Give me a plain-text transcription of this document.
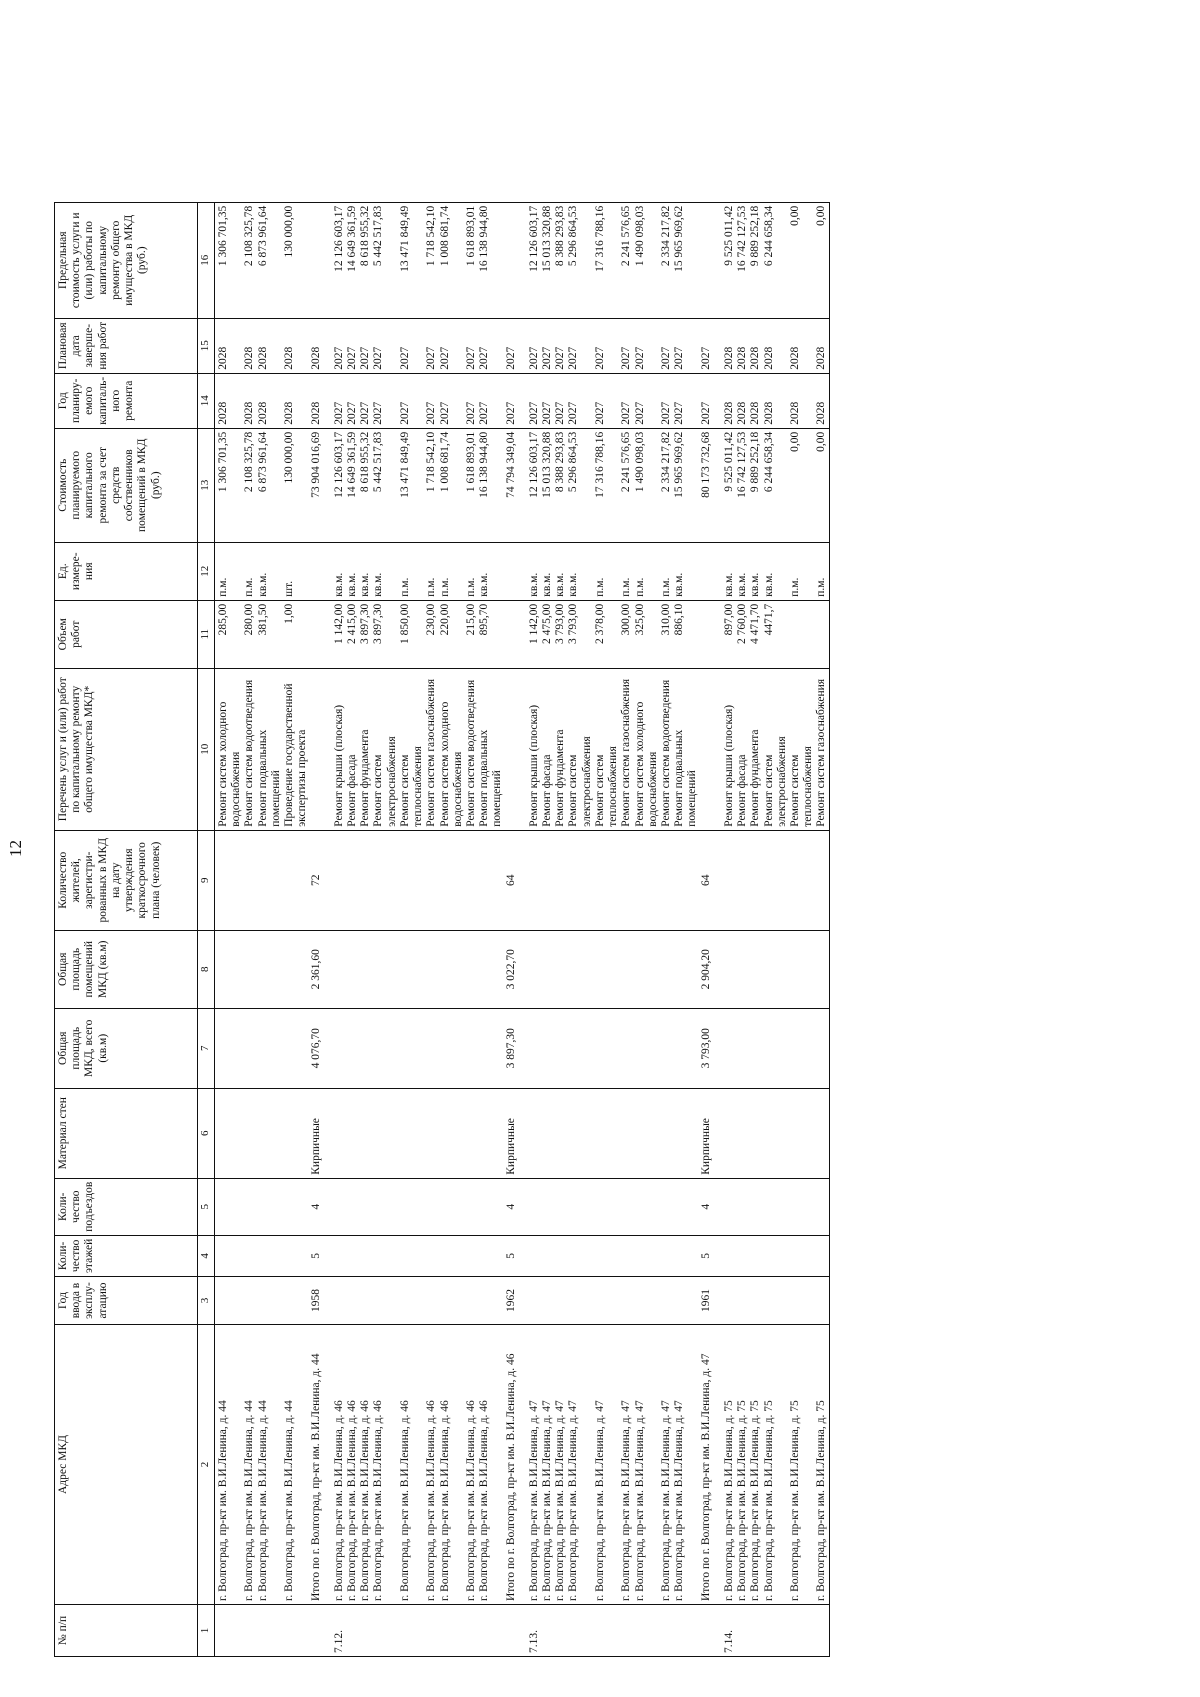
12
№ п/п	Адрес МКД	Год ввода в эксплу-атацию	Коли-чество этажей	Коли-чество подъездов	Материал стен	Общая площадь МКД, всего (кв.м)	Общая площадь помещений МКД (кв.м)	Количество жителей, зарегистри-рованных в МКД на дату утверждения краткосрочного плана (человек)	Перечень услуг и (или) работ по капитальному ремонту общего имущества МКД*	Объем работ	Ед. измере-ния	Стоимость планируемого капитального ремонта за счет средств собственников помещений в МКД (руб.)	Год планиру-емого капиталь-ного ремонта	Плановая дата заверше-ния работ	Предельная стоимость услуги и (или) работы по капитальному ремонту общего имущества в МКД (руб.)
1	2	3	4	5	6	7	8	9	10	11	12	13	14	15	16
	г. Волгоград, пр-кт им. В.И.Ленина, д. 44								Ремонт систем холодного водоснабжения	285,00	п.м.	1 306 701,35	2028	2028	1 306 701,35
	г. Волгоград, пр-кт им. В.И.Ленина, д. 44								Ремонт систем водоотведения	280,00	п.м.	2 108 325,78	2028	2028	2 108 325,78
	г. Волгоград, пр-кт им. В.И.Ленина, д. 44								Ремонт подвальных помещений	381,50	кв.м.	6 873 961,64	2028	2028	6 873 961,64
	г. Волгоград, пр-кт им. В.И.Ленина, д. 44								Проведение государственной экспертизы проекта	1,00	шт.	130 000,00	2028	2028	130 000,00
	Итого по г. Волгоград, пр-кт им. В.И.Ленина, д. 44	1958	5	4	Кирпичные	4 076,70	2 361,60	72				73 904 016,69	2028	2028	

7.12.	г. Волгоград, пр-кт им. В.И.Ленина, д. 46								Ремонт крыши (плоская)	1 142,00	кв.м.	12 126 603,17	2027	2027	12 126 603,17
	г. Волгоград, пр-кт им. В.И.Ленина, д. 46								Ремонт фасада	2 415,00	кв.м.	14 649 361,59	2027	2027	14 649 361,59
	г. Волгоград, пр-кт им. В.И.Ленина, д. 46								Ремонт фундамента	3 897,30	кв.м.	8 618 955,32	2027	2027	8 618 955,32
	г. Волгоград, пр-кт им. В.И.Ленина, д. 46								Ремонт систем электроснабжения	3 897,30	кв.м.	5 442 517,83	2027	2027	5 442 517,83
	г. Волгоград, пр-кт им. В.И.Ленина, д. 46								Ремонт систем теплоснабжения	1 850,00	п.м.	13 471 849,49	2027	2027	13 471 849,49
	г. Волгоград, пр-кт им. В.И.Ленина, д. 46								Ремонт систем газоснабжения	230,00	п.м.	1 718 542,10	2027	2027	1 718 542,10
	г. Волгоград, пр-кт им. В.И.Ленина, д. 46								Ремонт систем холодного водоснабжения	220,00	п.м.	1 008 681,74	2027	2027	1 008 681,74
	г. Волгоград, пр-кт им. В.И.Ленина, д. 46								Ремонт систем водоотведения	215,00	п.м.	1 618 893,01	2027	2027	1 618 893,01
	г. Волгоград, пр-кт им. В.И.Ленина, д. 46								Ремонт подвальных помещений	895,70	кв.м.	16 138 944,80	2027	2027	16 138 944,80
	Итого по г. Волгоград, пр-кт им. В.И.Ленина, д. 46	1962	5	4	Кирпичные	3 897,30	3 022,70	64				74 794 349,04	2027	2027	

7.13.	г. Волгоград, пр-кт им. В.И.Ленина, д. 47								Ремонт крыши (плоская)	1 142,00	кв.м.	12 126 603,17	2027	2027	12 126 603,17
	г. Волгоград, пр-кт им. В.И.Ленина, д. 47								Ремонт фасада	2 475,00	кв.м.	15 013 320,88	2027	2027	15 013 320,88
	г. Волгоград, пр-кт им. В.И.Ленина, д. 47								Ремонт фундамента	3 793,00	кв.м.	8 388 293,83	2027	2027	8 388 293,83
	г. Волгоград, пр-кт им. В.И.Ленина, д. 47								Ремонт систем электроснабжения	3 793,00	кв.м.	5 296 864,53	2027	2027	5 296 864,53
	г. Волгоград, пр-кт им. В.И.Ленина, д. 47								Ремонт систем теплоснабжения	2 378,00	п.м.	17 316 788,16	2027	2027	17 316 788,16
	г. Волгоград, пр-кт им. В.И.Ленина, д. 47								Ремонт систем газоснабжения	300,00	п.м.	2 241 576,65	2027	2027	2 241 576,65
	г. Волгоград, пр-кт им. В.И.Ленина, д. 47								Ремонт систем холодного водоснабжения	325,00	п.м.	1 490 098,03	2027	2027	1 490 098,03
	г. Волгоград, пр-кт им. В.И.Ленина, д. 47								Ремонт систем водоотведения	310,00	п.м.	2 334 217,82	2027	2027	2 334 217,82
	г. Волгоград, пр-кт им. В.И.Ленина, д. 47								Ремонт подвальных помещений	886,10	кв.м.	15 965 969,62	2027	2027	15 965 969,62
	Итого по г. Волгоград, пр-кт им. В.И.Ленина, д. 47	1961	5	4	Кирпичные	3 793,00	2 904,20	64				80 173 732,68	2027	2027	

7.14.	г. Волгоград, пр-кт им. В.И.Ленина, д. 75								Ремонт крыши (плоская)	897,00	кв.м.	9 525 011,42	2028	2028	9 525 011,42
	г. Волгоград, пр-кт им. В.И.Ленина, д. 75								Ремонт фасада	2 760,00	кв.м.	16 742 127,53	2028	2028	16 742 127,53
	г. Волгоград, пр-кт им. В.И.Ленина, д. 75								Ремонт фундамента	4 471,70	кв.м.	9 889 252,18	2028	2028	9 889 252,18
	г. Волгоград, пр-кт им. В.И.Ленина, д. 75								Ремонт систем электроснабжения	4471,7	кв.м.	6 244 658,34	2028	2028	6 244 658,34
	г. Волгоград, пр-кт им. В.И.Ленина, д. 75								Ремонт систем теплоснабжения		п.м.	0,00	2028	2028	0,00
	г. Волгоград, пр-кт им. В.И.Ленина, д. 75								Ремонт систем газоснабжения		п.м.	0,00	2028	2028	0,00
